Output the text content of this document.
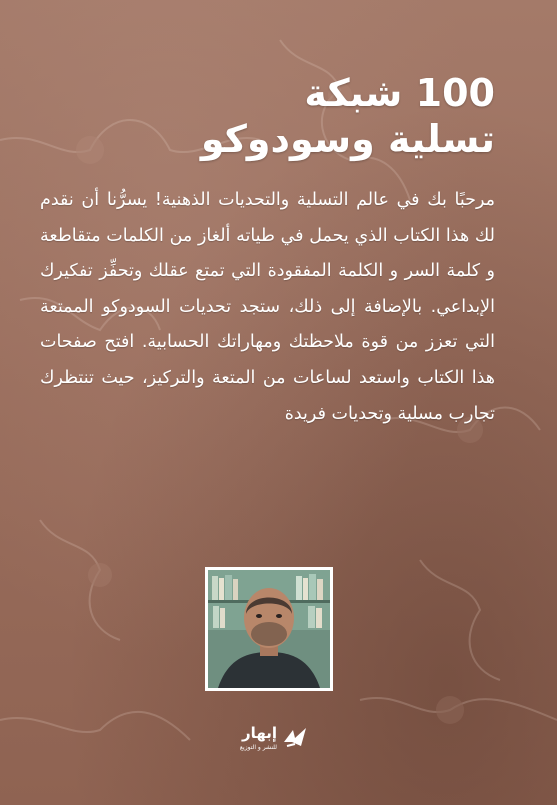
100 شبكة
تسلية وسودوكو
مرحبًا بك في عالم التسلية والتحديات الذهنية! يسرُّنا أن نقدم لك هذا الكتاب الذي يحمل في طياته ألغاز من الكلمات متقاطعة و كلمة السر و الكلمة المفقودة التي تمتع عقلك وتحفِّز تفكيرك الإبداعي. بالإضافة إلى ذلك، ستجد تحديات السودوكو الممتعة التي تعزز من قوة ملاحظتك ومهاراتك الحسابية. افتح صفحات هذا الكتاب واستعد لساعات من المتعة والتركيز، حيث تنتظرك تجارب مسلية وتحديات فريدة
إبهار
للنشر و التوزيع
